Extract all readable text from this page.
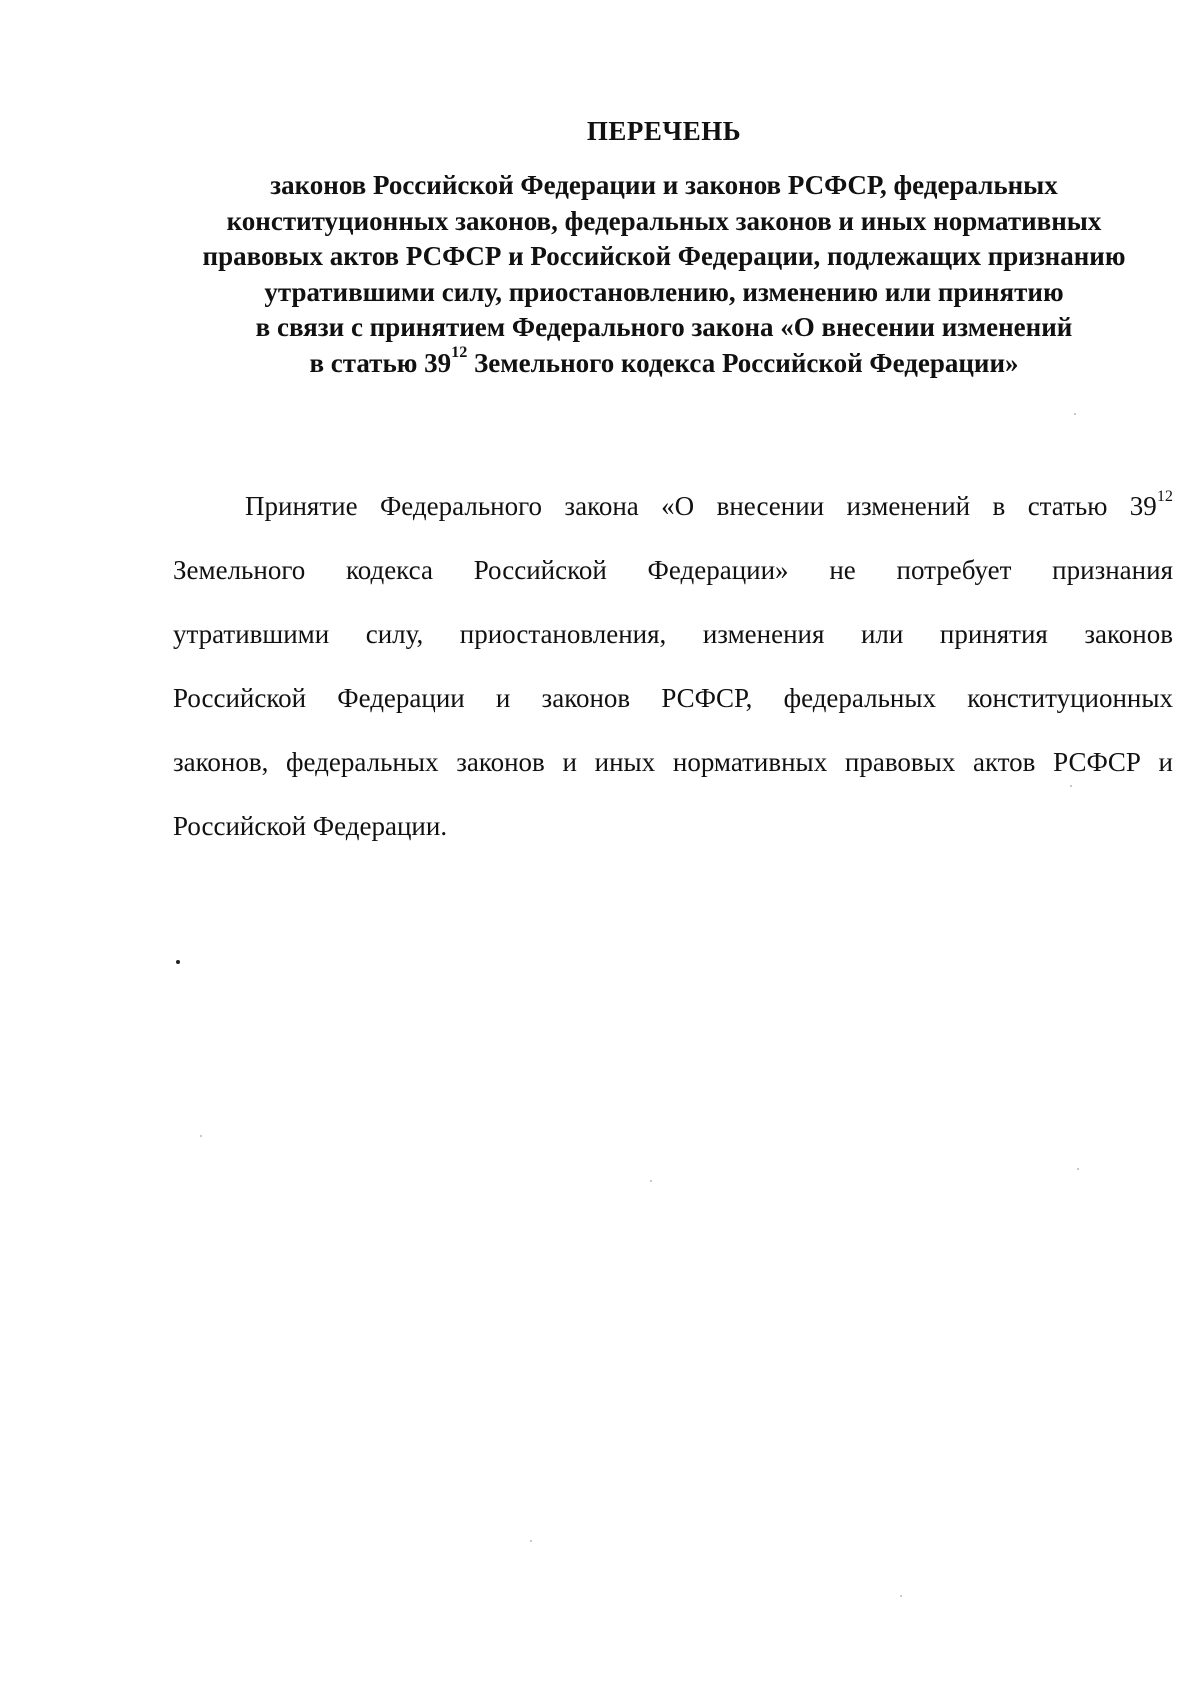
ПЕРЕЧЕНЬ
законов Российской Федерации и законов РСФСР, федеральных
конституционных законов, федеральных законов и иных нормативных
правовых актов РСФСР и Российской Федерации, подлежащих признанию
утратившими силу, приостановлению, изменению или принятию
в связи с принятием Федерального закона «О внесении изменений
в статью $39^{12}$ Земельного кодекса Российской Федерации»
Принятие Федерального закона «О внесении изменений в статью $39^{12}$
Земельного кодекса Российской Федерации» не потребует признания
утратившими силу, приостановления, изменения или принятия законов
Российской Федерации и законов РСФСР, федеральных конституционных
законов, федеральных законов и иных нормативных правовых актов РСФСР и
Российской Федерации.
